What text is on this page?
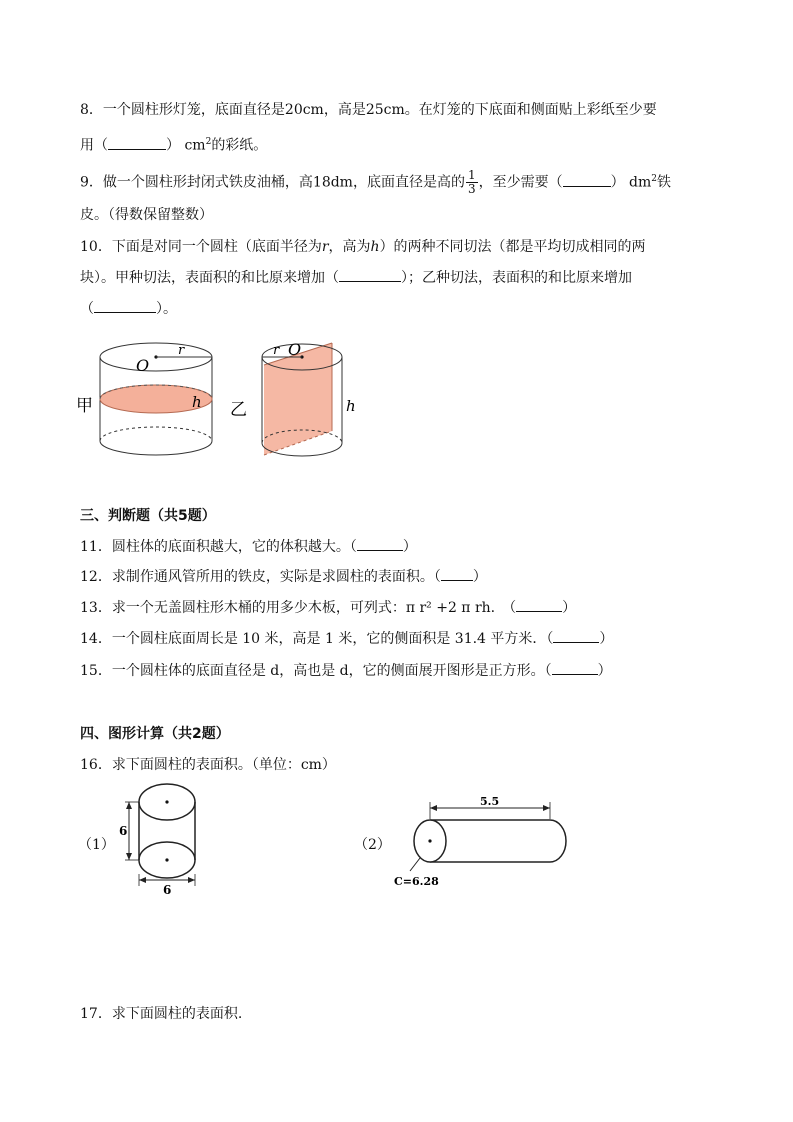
8．一个圆柱形灯笼，底面直径是20cm，高是25cm。在灯笼的下底面和侧面贴上彩纸至少要
用（	） $cm^2$的彩纸。
9．做一个圆柱形封闭式铁皮油桶，高18dm，底面直径是高的 $\frac{1}{3}$ ，至少需要（	） $dm^2$铁
皮。（得数保留整数）
10．下面是对同一个圆柱（底面半径为r，高为h）的两种不同切法（都是平均切成相同的两
块）。甲种切法，表面积的和比原来增加（	）；乙种切法，表面积的和比原来增加
（	）。
O
r
h
甲
r O
h
乙
三、判断题（共5题）
11．圆柱体的底面积越大，它的体积越大。（	）
12．求制作通风管所用的铁皮，实际是求圆柱的表面积。（ ）
13．求一个无盖圆柱形木桶的用多少木板，可列式：π r² +2 π rh.　（	）
14．一个圆柱底面周长是 10 米，高是 1 米，它的侧面积是 31.4 平方米．（	）
15．一个圆柱体的底面直径是 d，高也是 d，它的侧面展开图形是正方形。（	）
四、图形计算（共2题）
16．求下面圆柱的表面积。（单位：cm）
（1）
6
6
（2）
5.5
C=6.28
17．求下面圆柱的表面积.
